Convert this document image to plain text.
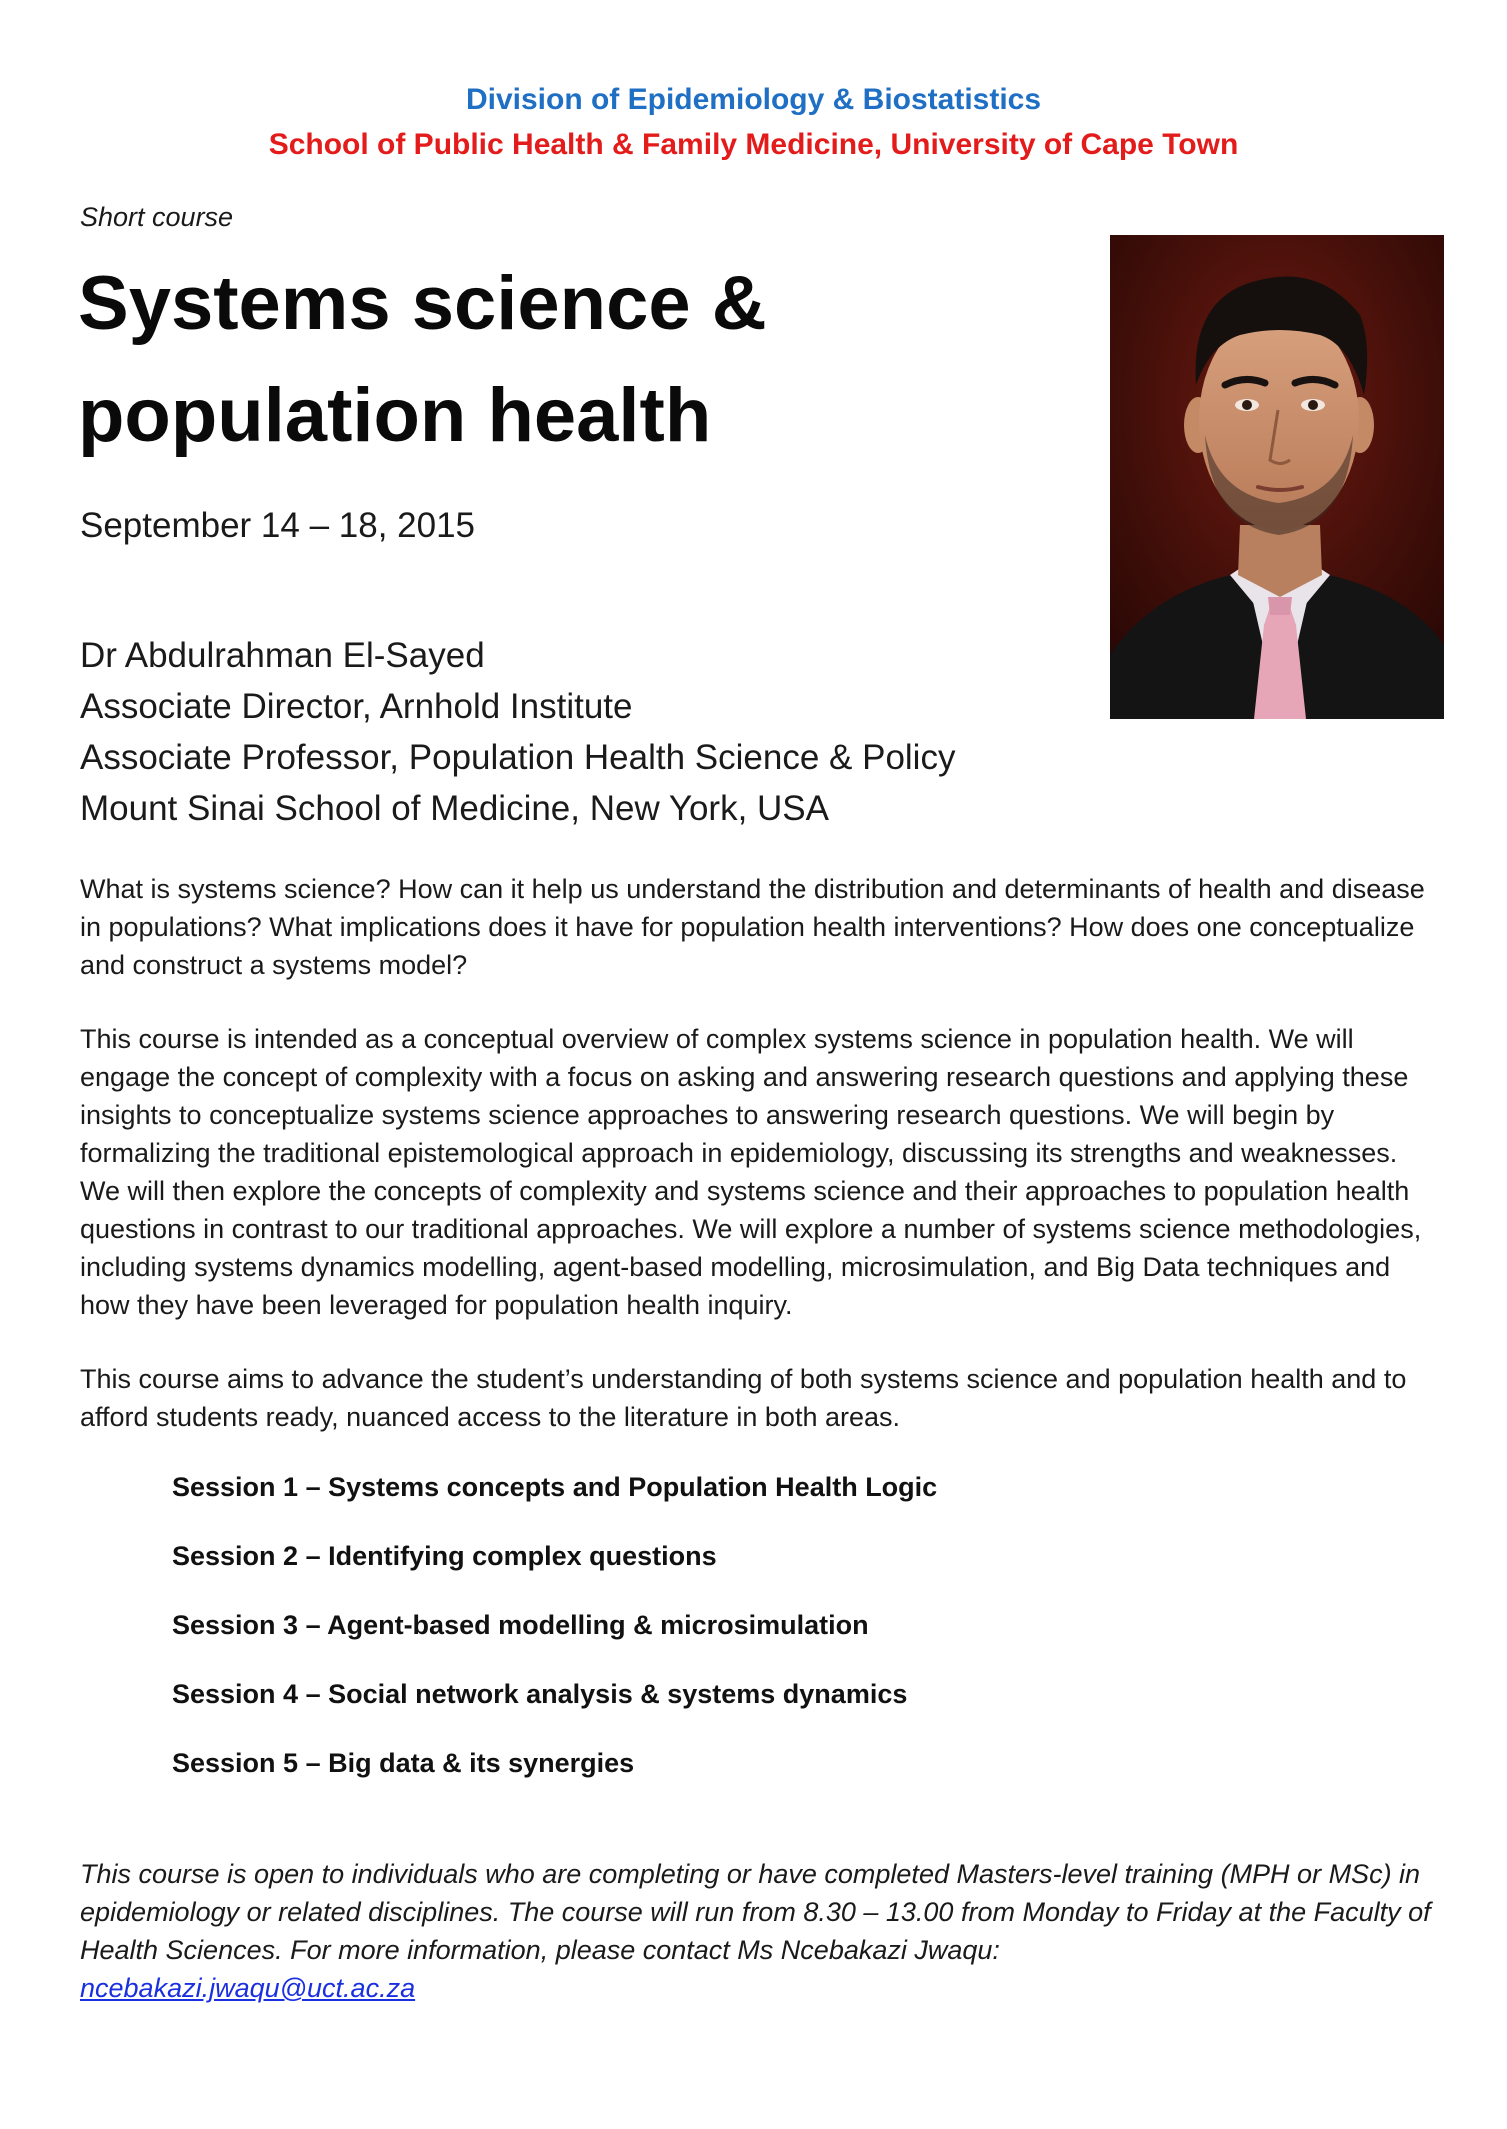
Division of Epidemiology & Biostatistics
School of Public Health & Family Medicine, University of Cape Town
Short course
Systems science &
population health
September 14 – 18, 2015
Dr Abdulrahman El-Sayed
Associate Director, Arnhold Institute
Associate Professor, Population Health Science & Policy
Mount Sinai School of Medicine, New York, USA

What is systems science? How can it help us understand the distribution and determinants of health and disease in populations? What implications does it have for population health interventions? How does one conceptualize and construct a systems model?

This course is intended as a conceptual overview of complex systems science in population health. We will engage the concept of complexity with a focus on asking and answering research questions and applying these insights to conceptualize systems science approaches to answering research questions. We will begin by formalizing the traditional epistemological approach in epidemiology, discussing its strengths and weaknesses. We will then explore the concepts of complexity and systems science and their approaches to population health questions in contrast to our traditional approaches. We will explore a number of systems science methodologies, including systems dynamics modelling, agent-based modelling, microsimulation, and Big Data techniques and how they have been leveraged for population health inquiry.

This course aims to advance the student’s understanding of both systems science and population health and to afford students ready, nuanced access to the literature in both areas.

Session 1 – Systems concepts and Population Health Logic
Session 2 – Identifying complex questions
Session 3 – Agent-based modelling & microsimulation
Session 4 – Social network analysis & systems dynamics
Session 5 – Big data & its synergies
This course is open to individuals who are completing or have completed Masters-level training (MPH or MSc) in epidemiology or related disciplines. The course will run from 8.30 – 13.00 from Monday to Friday at the Faculty of Health Sciences. For more information, please contact Ms Ncebakazi Jwaqu:
ncebakazi.jwaqu@uct.ac.za
